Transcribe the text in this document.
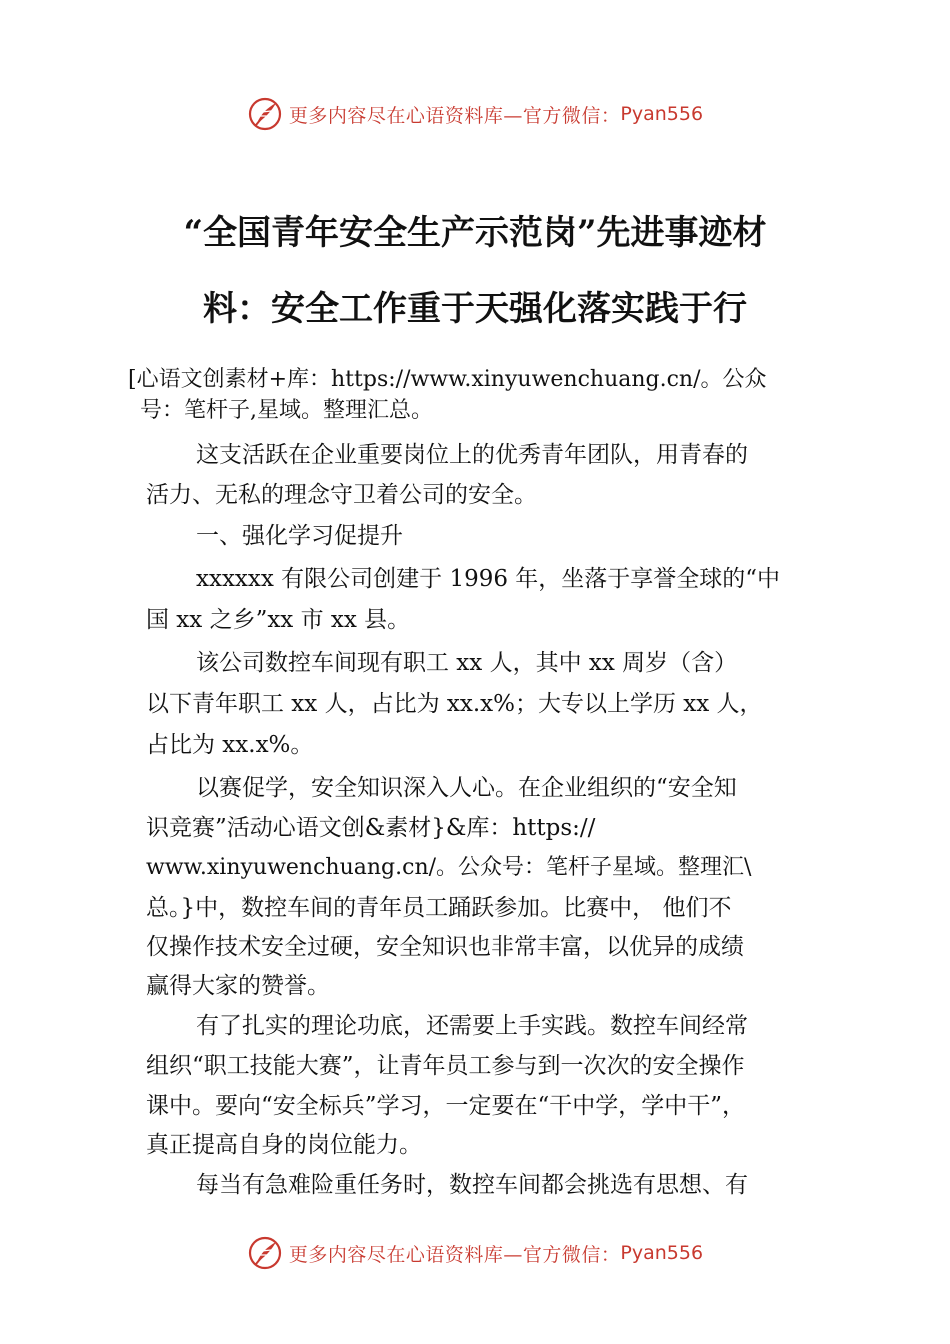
更多内容尽在心语资料库—官方微信： Pyan556
“全国青年安全生产示范岗”先进事迹材
料：安全工作重于天强化落实践于行
[心语文创素材+库：https://www.xinyuwenchuang.cn/。公众
号：笔杆子,星域。整理汇总。
这支活跃在企业重要岗位上的优秀青年团队，用青春的
活力、无私的理念守卫着公司的安全。
一、强化学习促提升
xxxxxx 有限公司创建于 1996 年，坐落于享誉全球的“中
国 xx 之乡”xx 市 xx 县。
该公司数控车间现有职工 xx 人，其中 xx 周岁（含）
以下青年职工 xx 人，占比为 xx.x%；大专以上学历 xx 人，
占比为 xx.x%。
以赛促学，安全知识深入人心。在企业组织的“安全知
识竞赛”活动心语文创&素材}&库：https://
www.xinyuwenchuang.cn/。公众号：笔杆子星域。整理汇\
总。}中，数控车间的青年员工踊跃参加。比赛中， 他们不
仅操作技术安全过硬，安全知识也非常丰富，以优异的成绩
赢得大家的赞誉。
有了扎实的理论功底，还需要上手实践。数控车间经常
组织“职工技能大赛”，让青年员工参与到一次次的安全操作
课中。要向“安全标兵”学习，一定要在“干中学，学中干”，
真正提高自身的岗位能力。
每当有急难险重任务时，数控车间都会挑选有思想、有
更多内容尽在心语资料库—官方微信： Pyan556
